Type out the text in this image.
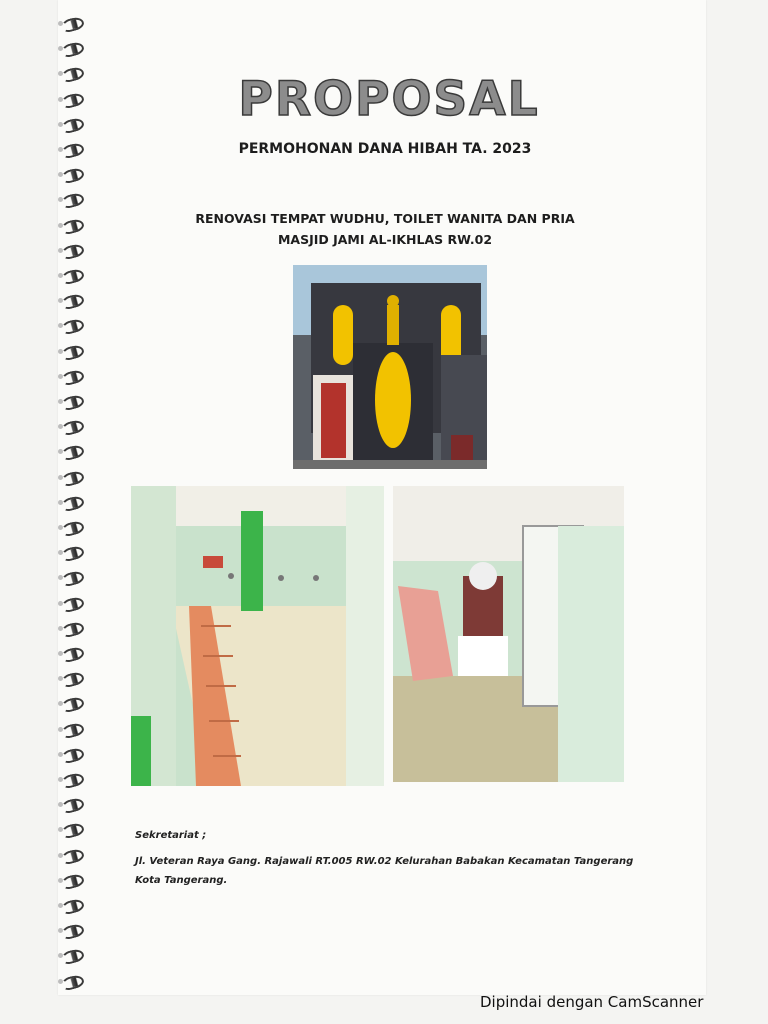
PROPOSAL
PERMOHONAN DANA HIBAH TA. 2023
RENOVASI TEMPAT WUDHU, TOILET WANITA DAN PRIA
MASJID JAMI AL-IKHLAS RW.02
Sekretariat ;
Jl. Veteran Raya Gang. Rajawali RT.005 RW.02 Kelurahan Babakan Kecamatan Tangerang
Kota Tangerang.
Dipindai dengan CamScanner
